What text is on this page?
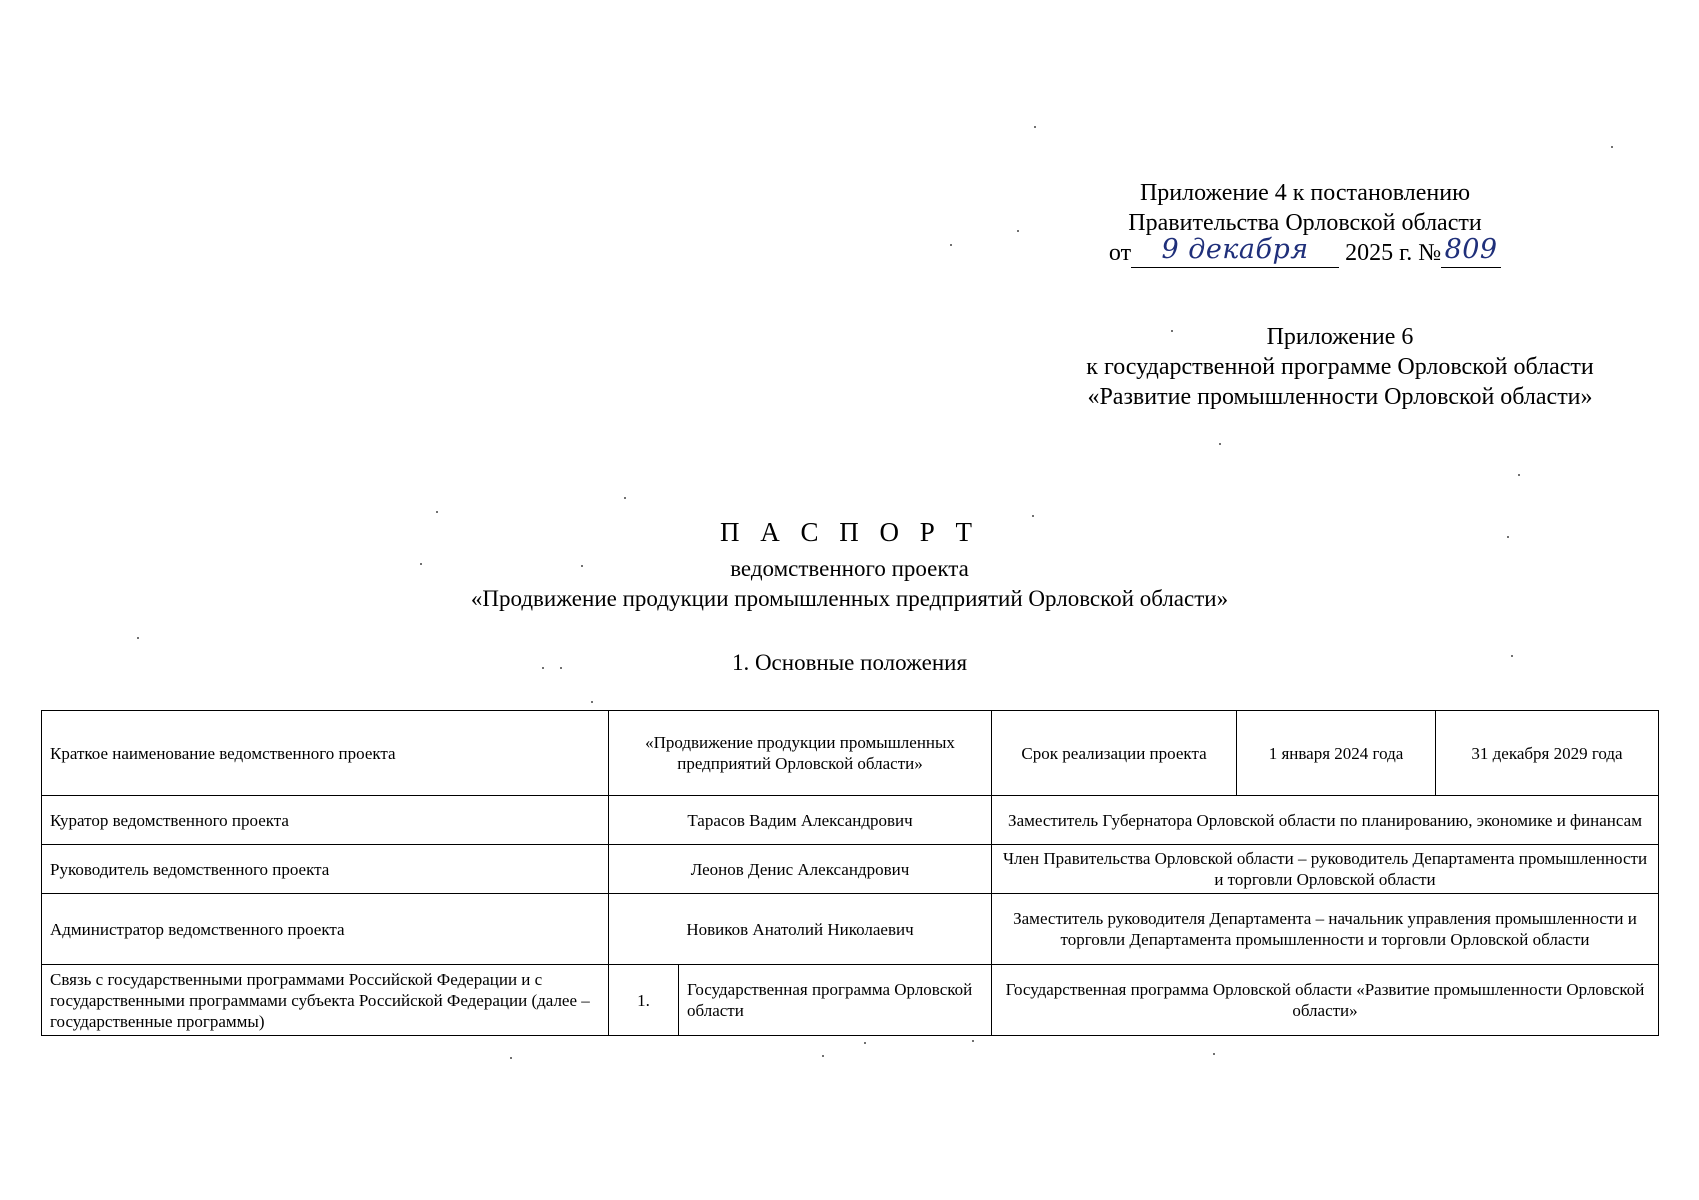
Приложение 4 к постановлению
Правительства Орловской области
от 9 декабря 2025 г. № 809
Приложение 6
к государственной программе Орловской области
«Развитие промышленности Орловской области»
П А С П О Р Т
ведомственного проекта
«Продвижение продукции промышленных предприятий Орловской области»
1. Основные положения
Краткое наименование ведомственного проекта	«Продвижение продукции промышленных предприятий Орловской области»		Срок реализации проекта	1 января 2024 года	31 декабря 2029 года
Куратор ведомственного проекта	Тарасов Вадим Александрович		Заместитель Губернатора Орловской области по планированию, экономике и финансам		
Руководитель ведомственного проекта	Леонов Денис Александрович		Член Правительства Орловской области – руководитель Департамента промышленности и торговли Орловской области		
Администратор ведомственного проекта	Новиков Анатолий Николаевич		Заместитель руководителя Департамента – начальник управления промышленности и торговли Департамента промышленности и торговли Орловской области		
Связь с государственными программами Российской Федерации и с государственными программами субъекта Российской Федерации (далее – государственные программы)	1.	Государственная программа Орловской области	Государственная программа Орловской области «Развитие промышленности Орловской области»		
